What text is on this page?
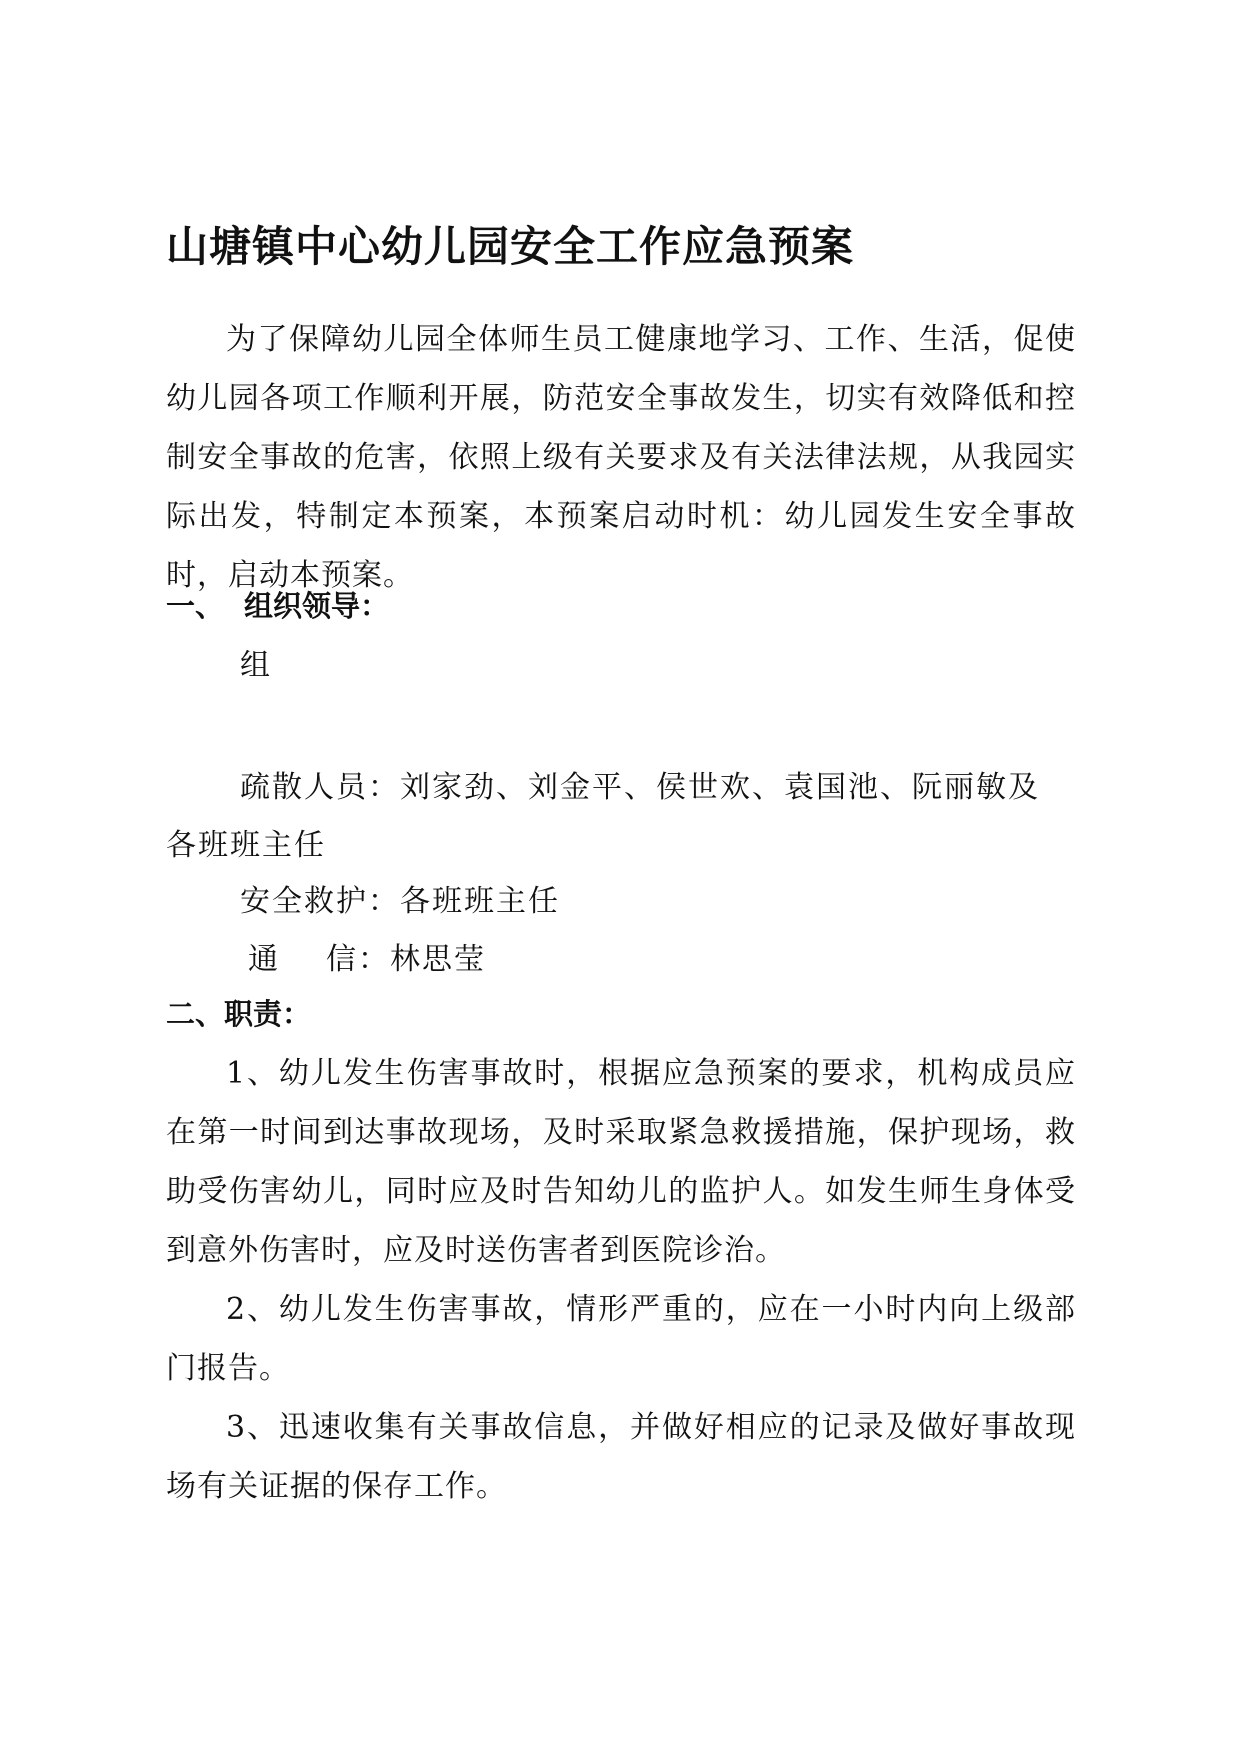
山塘镇中心幼儿园安全工作应急预案

为了保障幼儿园全体师生员工健康地学习、工作、生活，促使幼儿园各项工作顺利开展，防范安全事故发生，切实有效降低和控制安全事故的危害，依照上级有关要求及有关法律法规，从我园实际出发，特制定本预案，本预案启动时机：幼儿园发生安全事故时，启动本预案。

一、 组织领导：
组
疏散人员：刘家劲、刘金平、侯世欢、袁国池、阮丽敏及
各班班主任
安全救护：各班班主任
通 信：林思莹
二、职责：

1、幼儿发生伤害事故时，根据应急预案的要求，机构成员应在第一时间到达事故现场，及时采取紧急救援措施，保护现场，救助受伤害幼儿，同时应及时告知幼儿的监护人。如发生师生身体受到意外伤害时，应及时送伤害者到医院诊治。

2、幼儿发生伤害事故，情形严重的，应在一小时内向上级部门报告。

3、迅速收集有关事故信息，并做好相应的记录及做好事故现场有关证据的保存工作。
